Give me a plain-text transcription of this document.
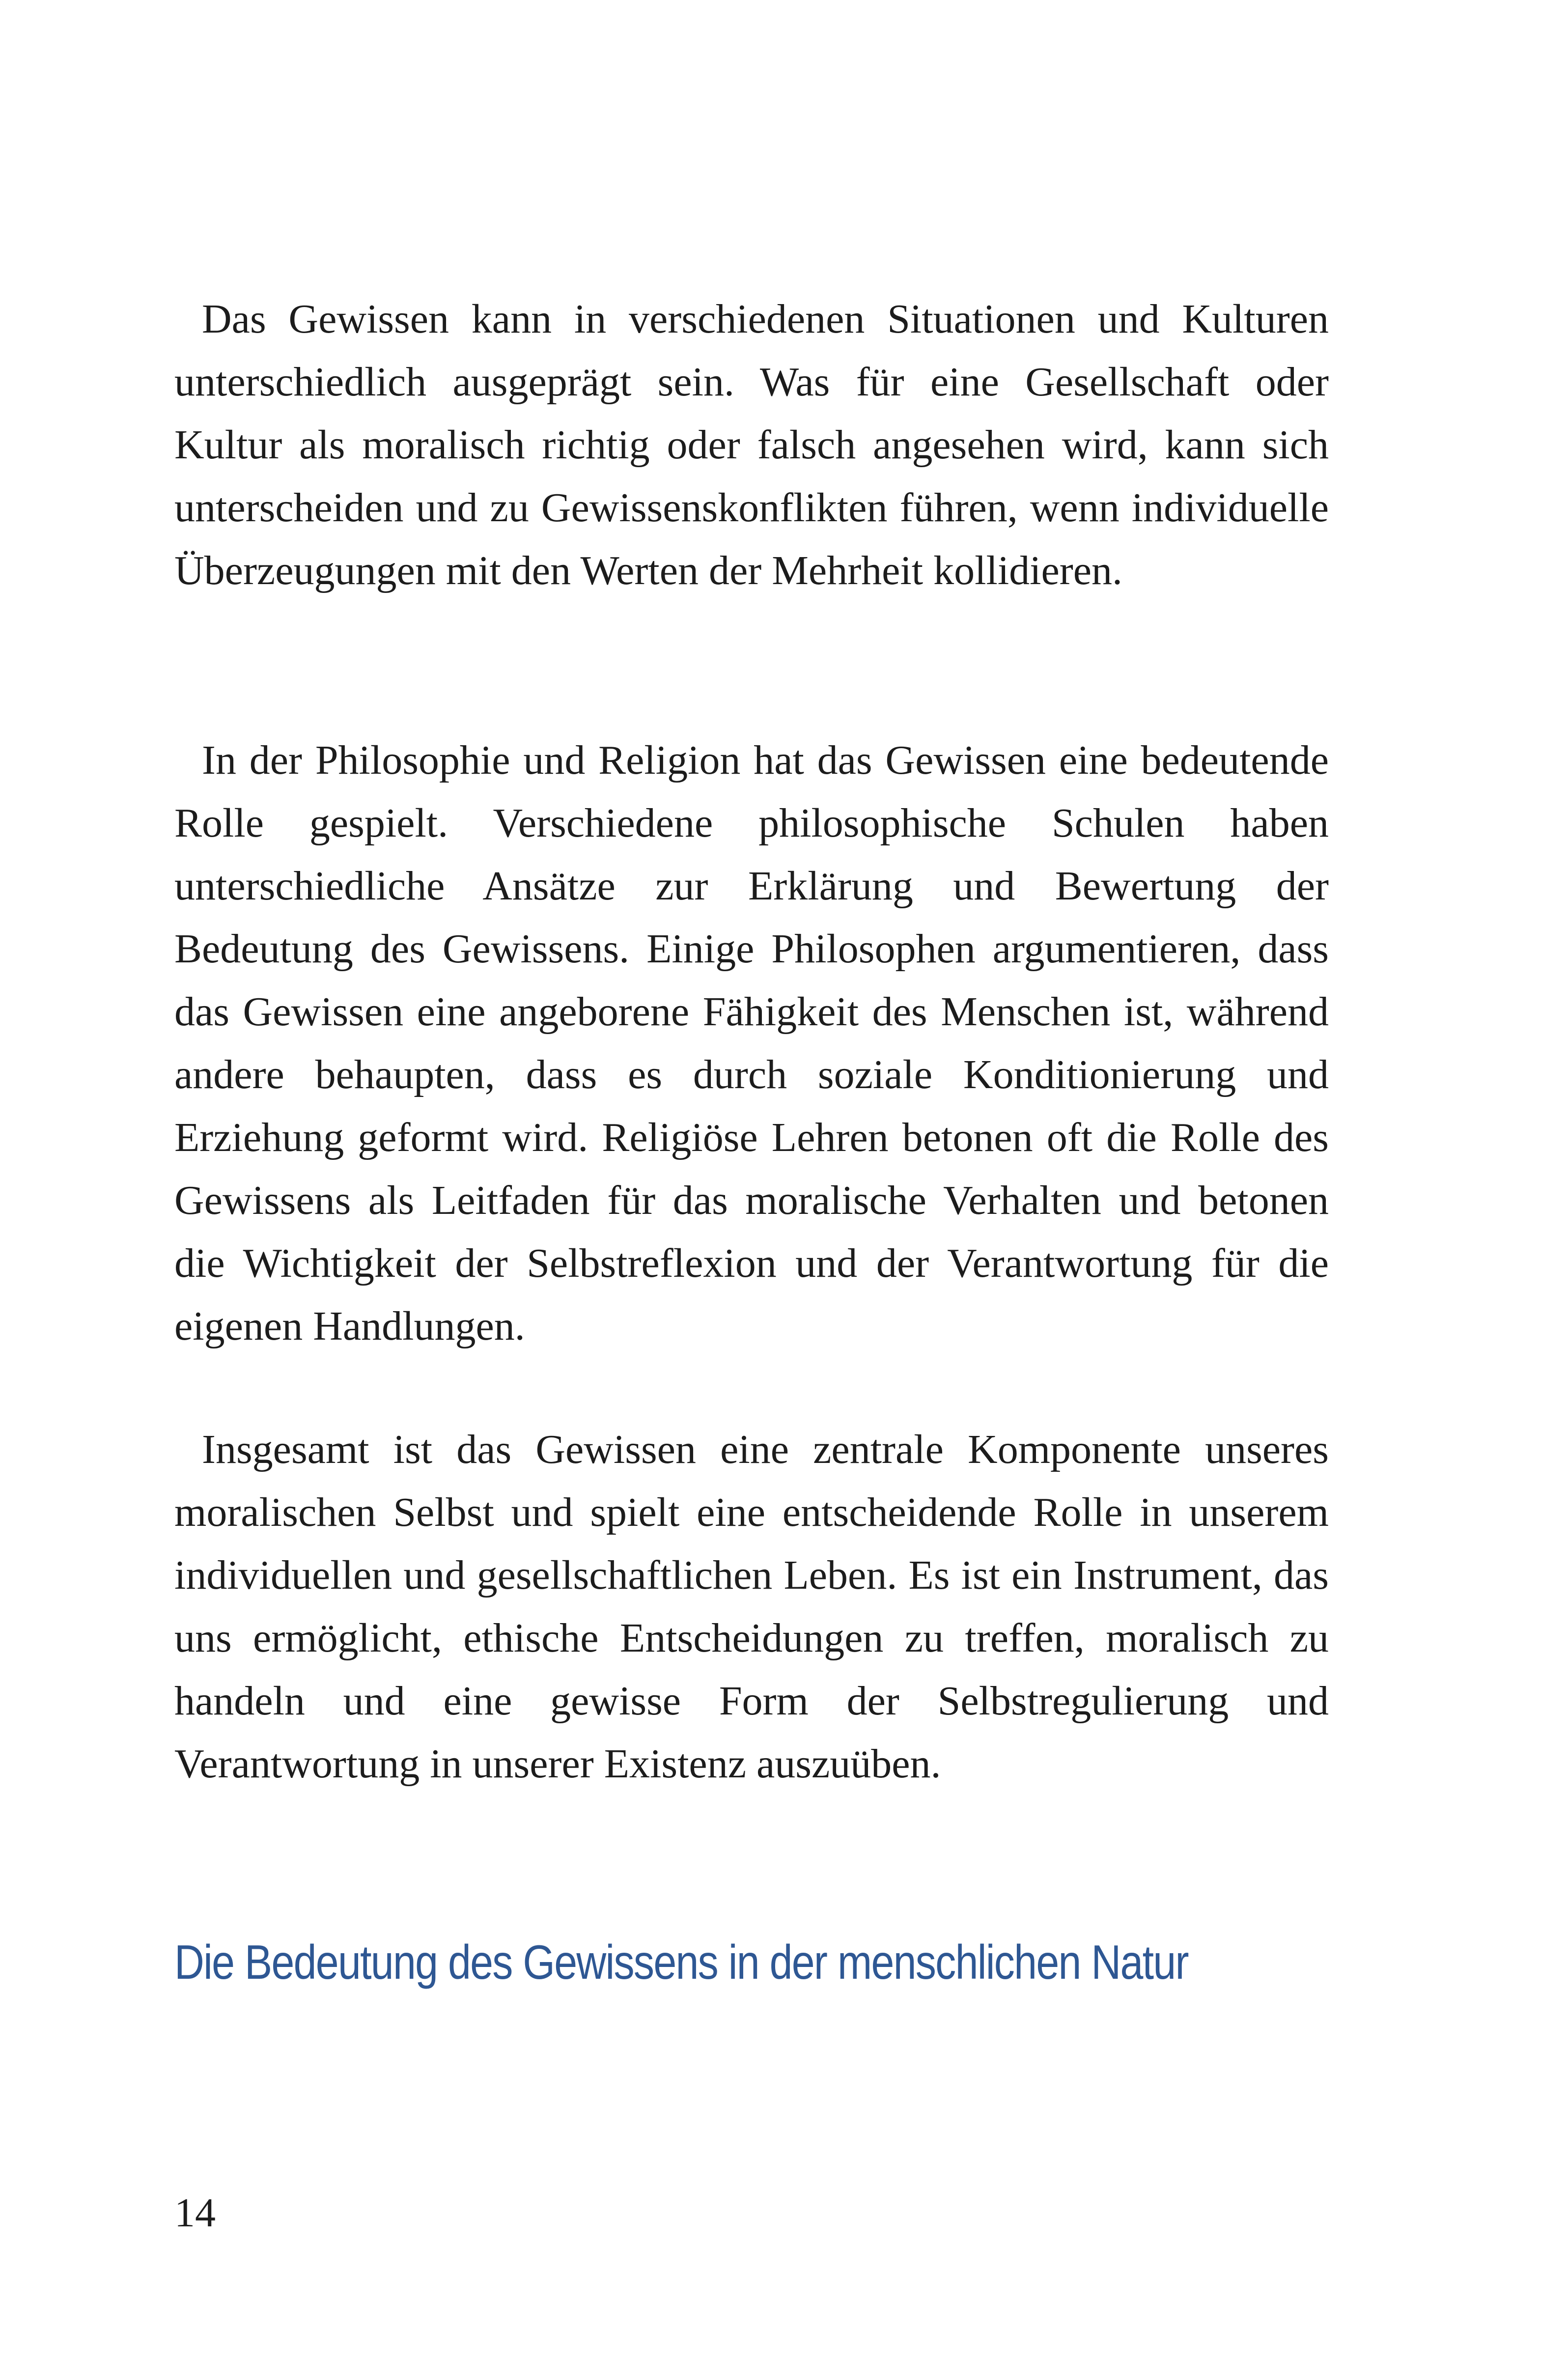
Das Gewissen kann in verschiedenen Situationen und Kulturen unterschiedlich ausgeprägt sein. Was für eine Gesellschaft oder Kultur als moralisch richtig oder falsch angesehen wird, kann sich unterscheiden und zu Gewissenskonflikten führen, wenn individuelle Überzeugungen mit den Werten der Mehrheit kollidieren.

In der Philosophie und Religion hat das Gewissen eine bedeutende Rolle gespielt. Verschiedene philosophische Schulen haben unterschiedliche Ansätze zur Erklärung und Bewertung der Bedeutung des Gewissens. Einige Philosophen argumentieren, dass das Gewissen eine angeborene Fähigkeit des Menschen ist, während andere behaupten, dass es durch soziale Konditionierung und Erziehung geformt wird. Religiöse Lehren betonen oft die Rolle des Gewissens als Leitfaden für das moralische Verhalten und betonen die Wichtigkeit der Selbstreflexion und der Verantwortung für die eigenen Handlungen.

Insgesamt ist das Gewissen eine zentrale Komponente unseres moralischen Selbst und spielt eine entscheidende Rolle in unserem individuellen und gesellschaftlichen Leben. Es ist ein Instrument, das uns ermöglicht, ethische Entscheidungen zu treffen, moralisch zu handeln und eine gewisse Form der Selbstregulierung und Verantwortung in unserer Existenz auszuüben.

Die Bedeutung des Gewissens in der menschlichen Natur
14
